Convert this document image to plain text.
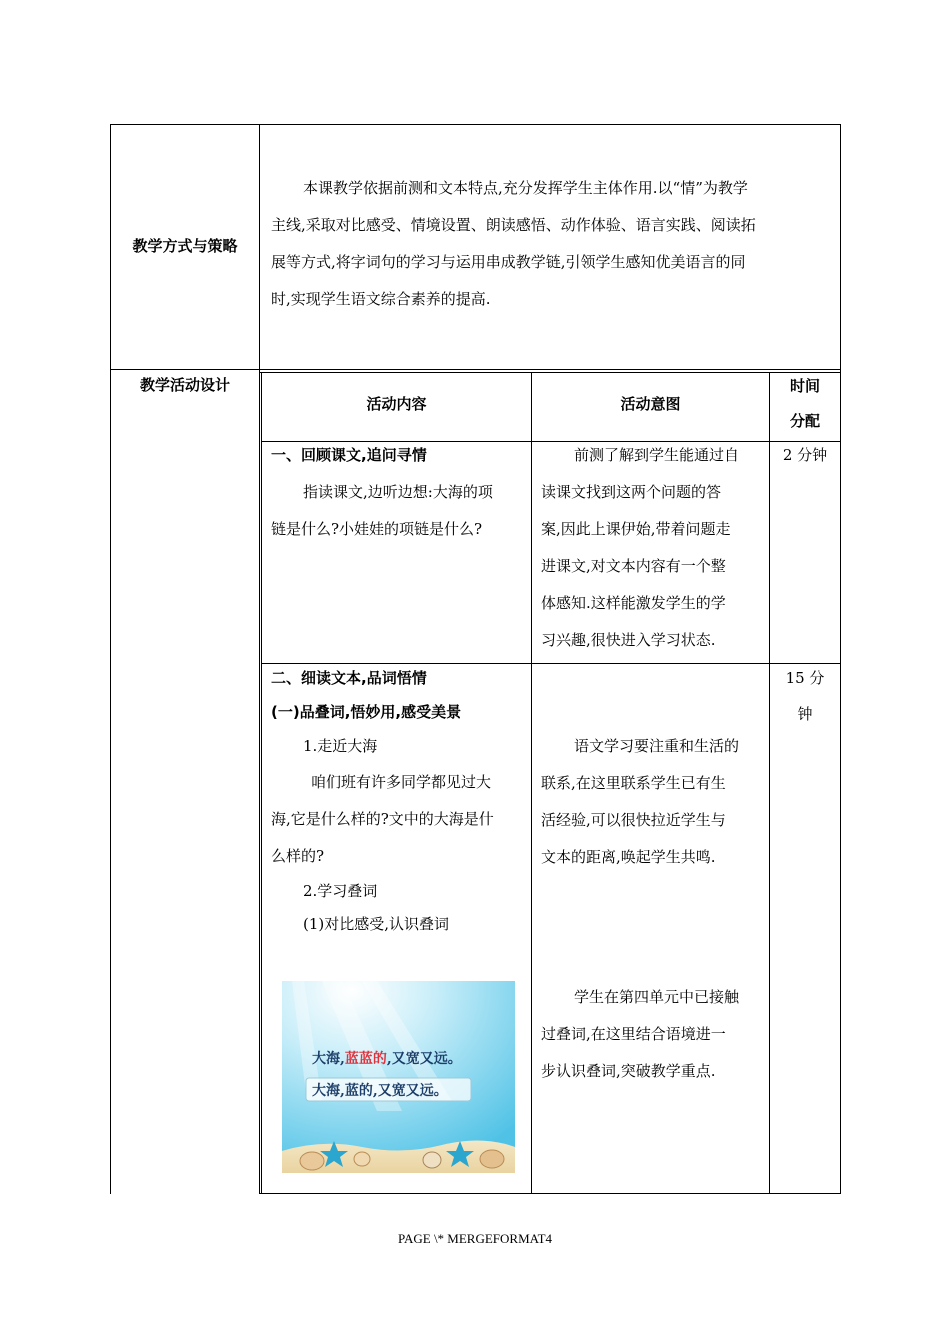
教学方式与策略
本课教学依据前测和文本特点,充分发挥学生主体作用.以“情”为教学
主线,采取对比感受、情境设置、朗读感悟、动作体验、语言实践、阅读拓
展等方式,将字词句的学习与运用串成教学链,引领学生感知优美语言的同
时,实现学生语文综合素养的提高.
教学活动设计
活动内容	活动意图
时间
分配
一、回顾课文,追问寻情
指读课文,边听边想:大海的项
链是什么?小娃娃的项链是什么?
前测了解到学生能通过自
读课文找到这两个问题的答
案,因此上课伊始,带着问题走
进课文,对文本内容有一个整
体感知.这样能激发学生的学
习兴趣,很快进入学习状态.
2 分钟
二、细读文本,品词悟情
(一)品叠词,悟妙用,感受美景
1.走近大海
咱们班有许多同学都见过大
海,它是什么样的?文中的大海是什
么样的?
2.学习叠词
(1)对比感受,认识叠词
语文学习要注重和生活的
联系,在这里联系学生已有生
活经验,可以很快拉近学生与
文本的距离,唤起学生共鸣.
学生在第四单元中已接触
过叠词,在这里结合语境进一
步认识叠词,突破教学重点.
15 分
钟
大海,蓝蓝的,又宽又远。
大海,蓝的,又宽又远。
PAGE \* MERGEFORMAT4
